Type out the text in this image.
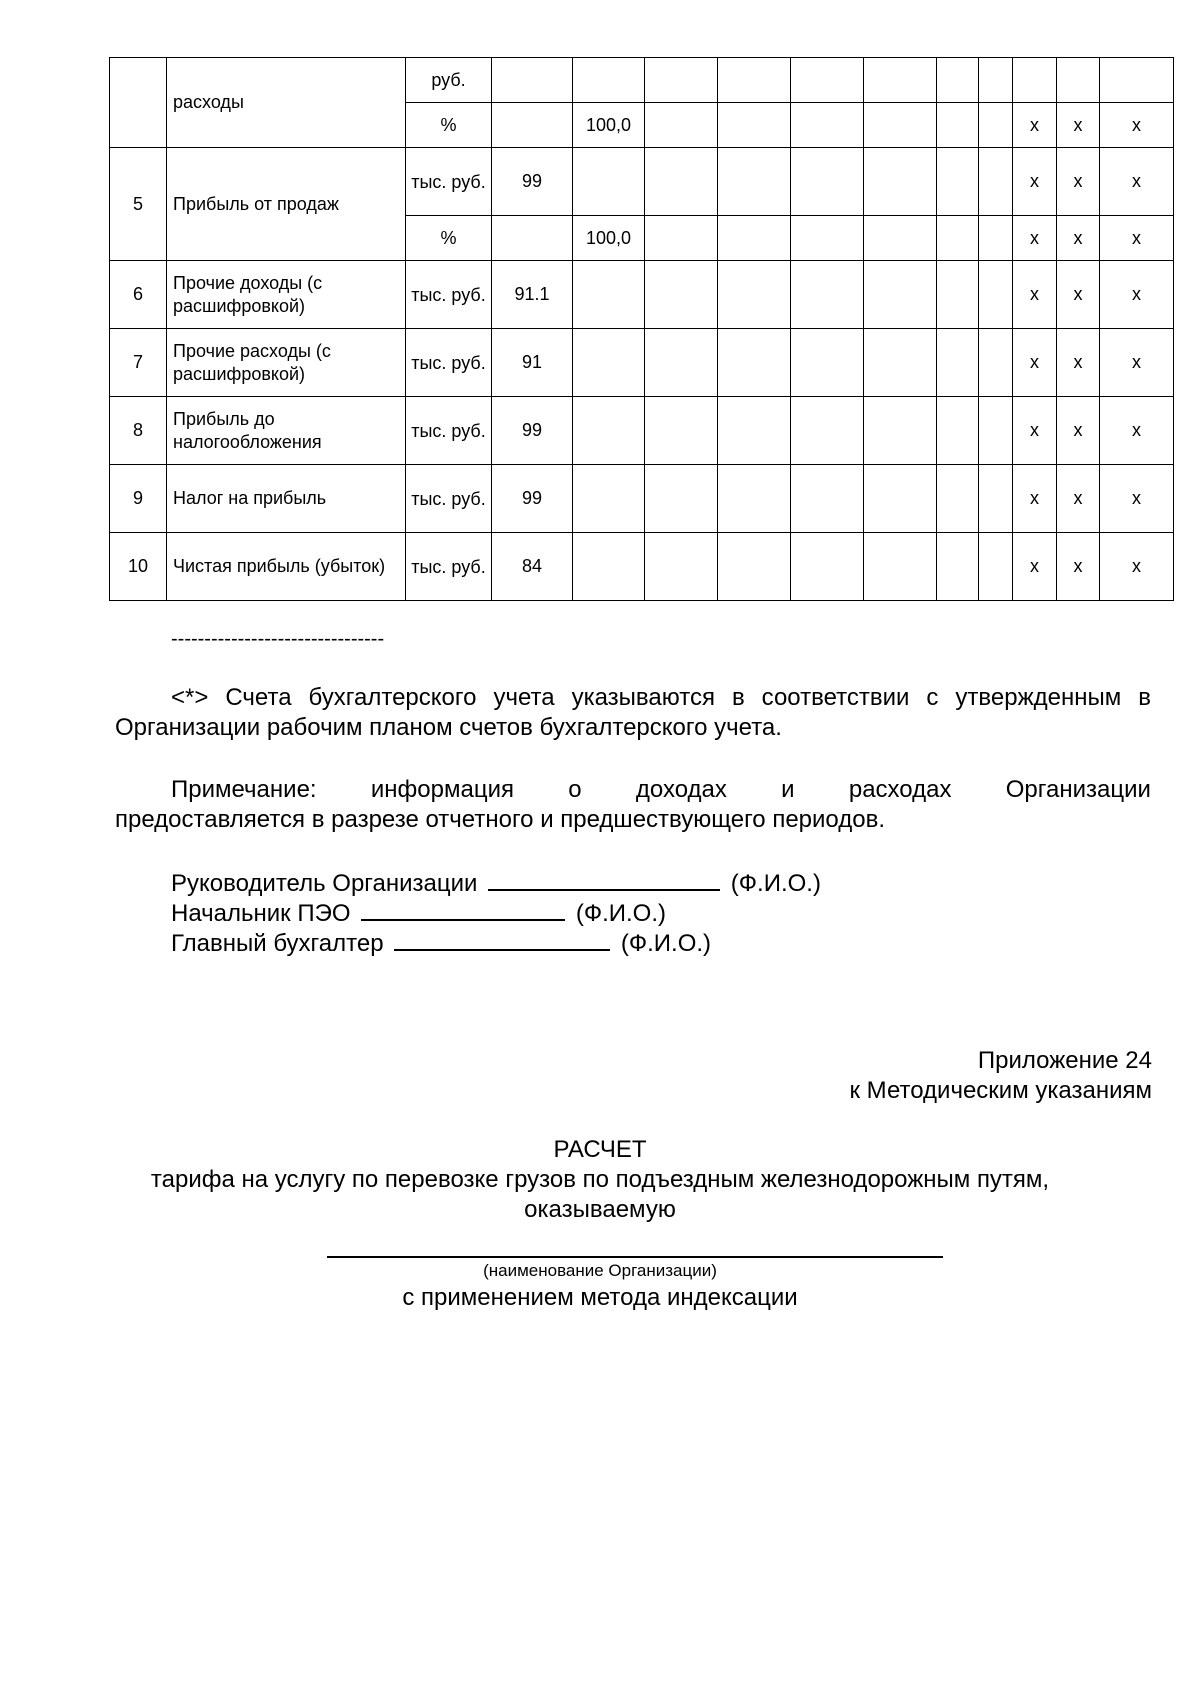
	расходы	руб.											
		%		100,0							x	x	x
5	Прибыль от продаж	тыс. руб.	99								x	x	x
		%		100,0							x	x	x
6	Прочие доходы (с расшифровкой)	тыс. руб.	91.1								x	x	x
7	Прочие расходы (с расшифровкой)	тыс. руб.	91								x	x	x
8	Прибыль до налогообложения	тыс. руб.	99								x	x	x
9	Налог на прибыль	тыс. руб.	99								x	x	x
10	Чистая прибыль (убыток)	тыс. руб.	84								x	x	x
--------------------------------
<*> Счета бухгалтерского учета указываются в соответствии с утвержденным в Организации рабочим планом счетов бухгалтерского учета.
Примечание: информация о доходах и расходах Организации
предоставляется в разрезе отчетного и предшествующего периодов.
Руководитель Организации	(Ф.И.О.)
Начальник ПЭО	(Ф.И.О.)
Главный бухгалтер	(Ф.И.О.)
Приложение 24
к Методическим указаниям
РАСЧЕТ
тарифа на услугу по перевозке грузов по подъездным железнодорожным путям,
оказываемую
(наименование Организации)
с применением метода индексации
